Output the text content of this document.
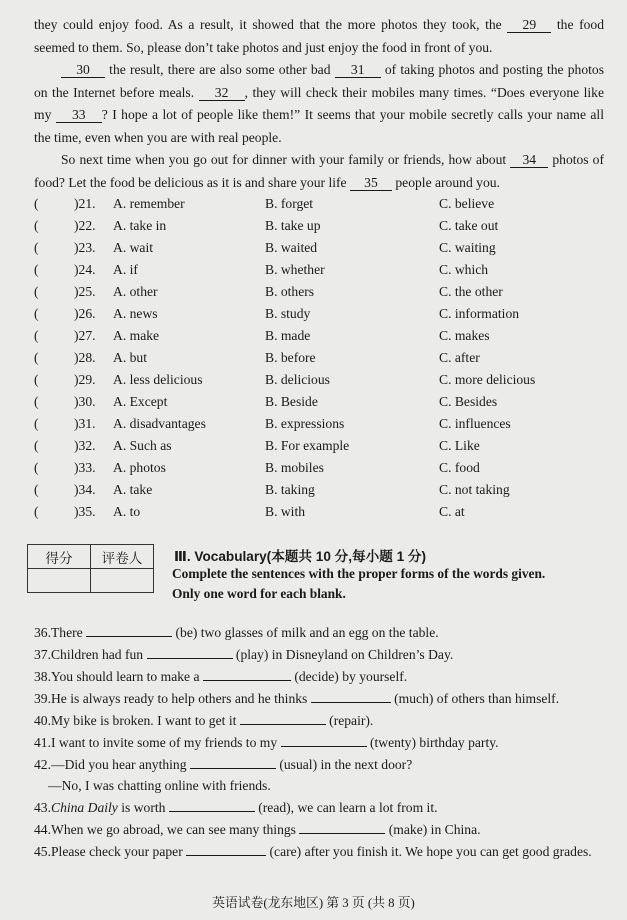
they could enjoy food. As a result, it showed that the more photos they took, the 29 the food seemed to them. So, please don’t take photos and just enjoy the food in front of you.

30 the result, there are also some other bad 31 of taking photos and posting the photos on the Internet before meals. 32 , they will check their mobiles many times. “Does everyone like my 33 ? I hope a lot of people like them!” It seems that your mobile secretly calls your name all the time, even when you are with real people.

So next time when you go out for dinner with your family or friends, how about 34 photos of food? Let the food be delicious as it is and share your life 35 people around you.

(	)21. A. remember	B. forget	C. believe
(	)22. A. take in	B. take up	C. take out
(	)23. A. wait	B. waited	C. waiting
(	)24. A. if	B. whether	C. which
(	)25. A. other	B. others	C. the other
(	)26. A. news	B. study	C. information
(	)27. A. make	B. made	C. makes
(	)28. A. but	B. before	C. after
(	)29. A. less delicious	B. delicious	C. more delicious
(	)30. A. Except	B. Beside	C. Besides
(	)31. A. disadvantages	B. expressions	C. influences
(	)32. A. Such as	B. For example	C. Like
(	)33. A. photos	B. mobiles	C. food
(	)34. A. take	B. taking	C. not taking
(	)35. A. to	B. with	C. at
得分	评卷人
	Ⅲ. Vocabulary(本题共 10 分,每小题 1 分)
Complete the sentences with the proper forms of the words given.
Only one word for each blank.
36.There	(be) two glasses of milk and an egg on the table.
37.Children had fun	(play) in Disneyland on Children’s Day.
38.You should learn to make a	(decide) by yourself.
39.He is always ready to help others and he thinks	(much) of others than himself.
40.My bike is broken. I want to get it	(repair).
41.I want to invite some of my friends to my	(twenty) birthday party.
42.—Did you hear anything	(usual) in the next door?
—No, I was chatting online with friends.
43.China Daily is worth	(read), we can learn a lot from it.
44.When we go abroad, we can see many things	(make) in China.
45.Please check your paper	(care) after you finish it. We hope you can get good grades.
英语试卷(龙东地区) 第 3 页 (共 8 页)
